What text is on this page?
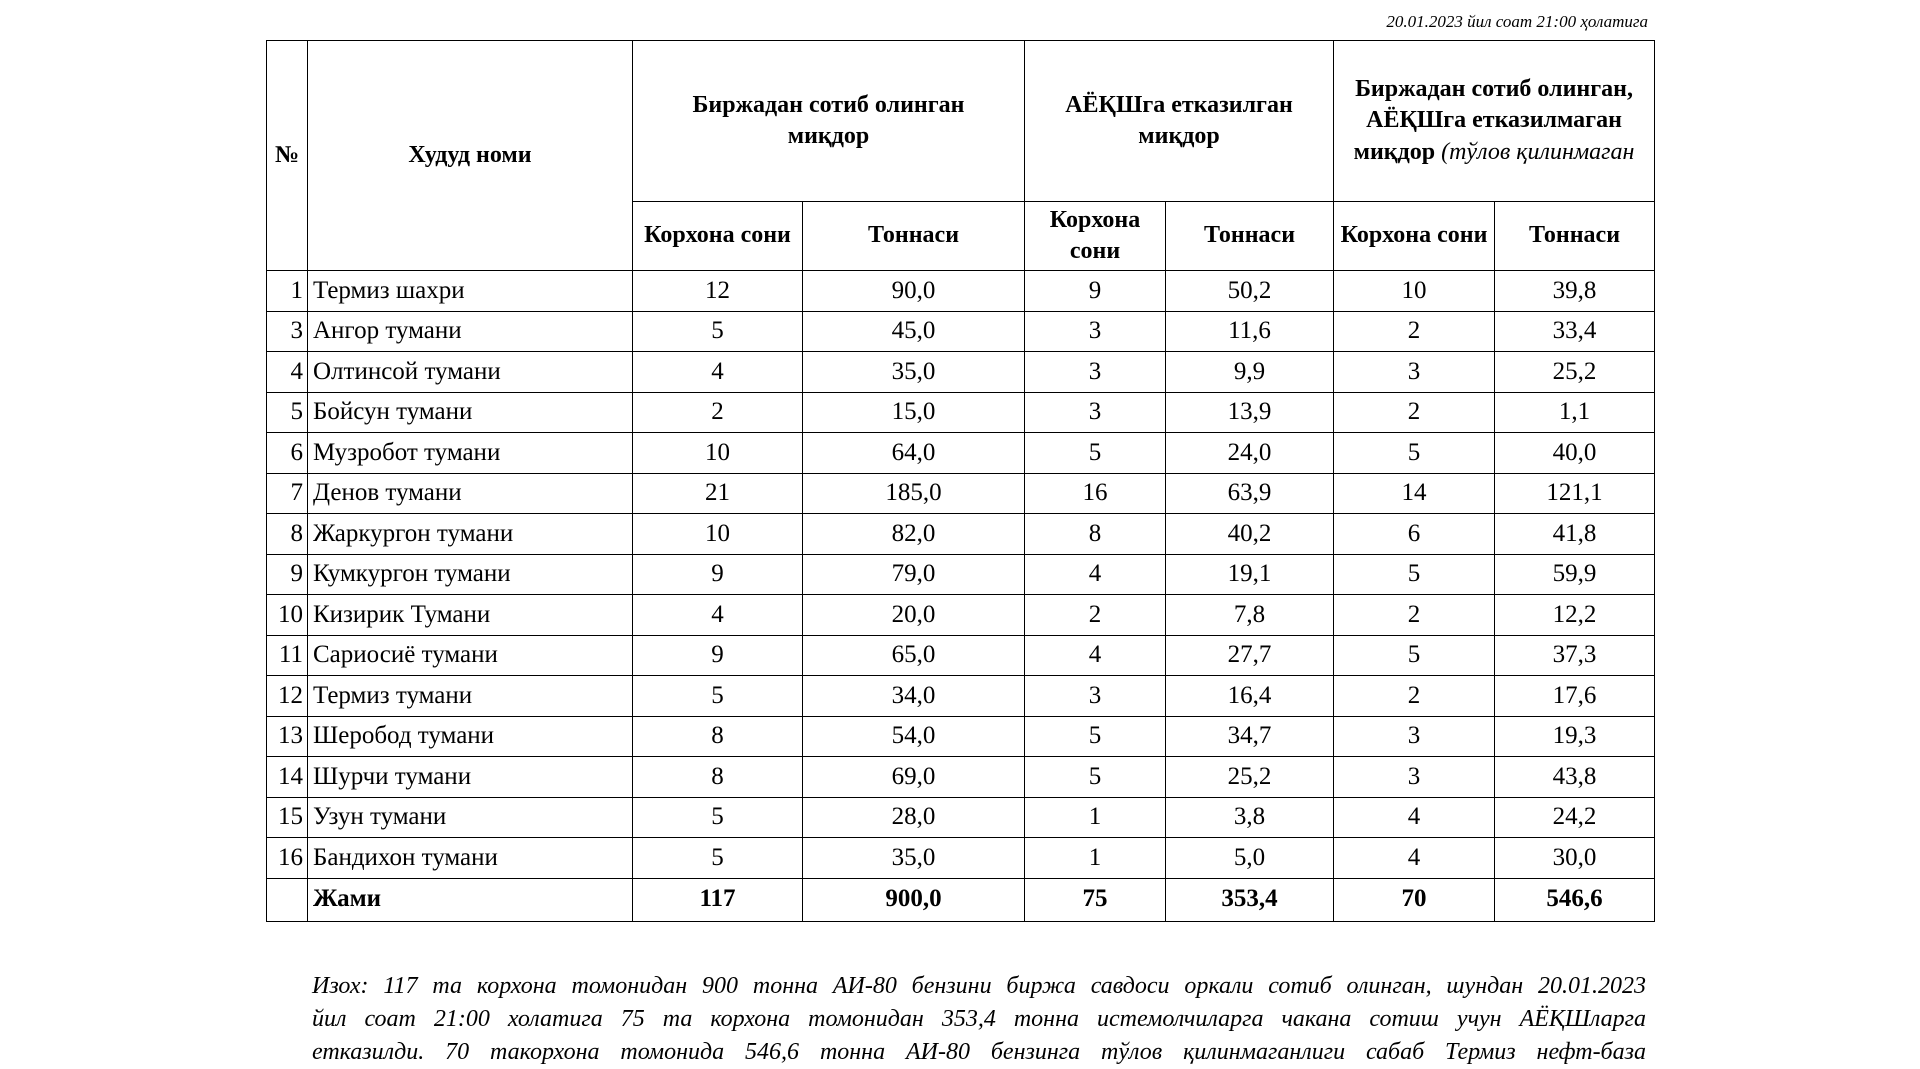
20.01.2023 йил соат 21:00 ҳолатига
№	Худуд номи	Биржадан сотиб олинган миқдор		АЁҚШга етказилган миқдор		Биржадан сотиб олинган, АЁҚШга етказилмаган
миқдор (тўлов қилинмаган	

		Корхона сони	Тоннаси	Корхона сони	Тоннаси	Корхона сони	Тоннаси
1	Термиз шахри	12	90,0	9	50,2	10	39,8
3	Ангор тумани	5	45,0	3	11,6	2	33,4
4	Олтинсой тумани	4	35,0	3	9,9	3	25,2
5	Бойсун тумани	2	15,0	3	13,9	2	1,1
6	Музробот тумани	10	64,0	5	24,0	5	40,0
7	Денов тумани	21	185,0	16	63,9	14	121,1
8	Жаркургон тумани	10	82,0	8	40,2	6	41,8
9	Кумкургон тумани	9	79,0	4	19,1	5	59,9
10	Кизирик Тумани	4	20,0	2	7,8	2	12,2
11	Сариосиё тумани	9	65,0	4	27,7	5	37,3
12	Термиз тумани	5	34,0	3	16,4	2	17,6
13	Шеробод тумани	8	54,0	5	34,7	3	19,3
14	Шурчи тумани	8	69,0	5	25,2	3	43,8
15	Узун тумани	5	28,0	1	3,8	4	24,2
16	Бандихон тумани	5	35,0	1	5,0	4	30,0
	Жами	117	900,0	75	353,4	70	546,6
Изох: 117 та корхона томонидан 900 тонна АИ-80 бензини биржа савдоси оркали сотиб олинган, шундан 20.01.2023
йил соат 21:00 холатига 75 та корхона томонидан 353,4 тонна истемолчиларга чакана сотиш учун АЁҚШларга
етказилди. 70 такорхона томонида 546,6 тонна АИ-80 бензинга тўлов қилинмаганлиги сабаб Термиз нефт-база
